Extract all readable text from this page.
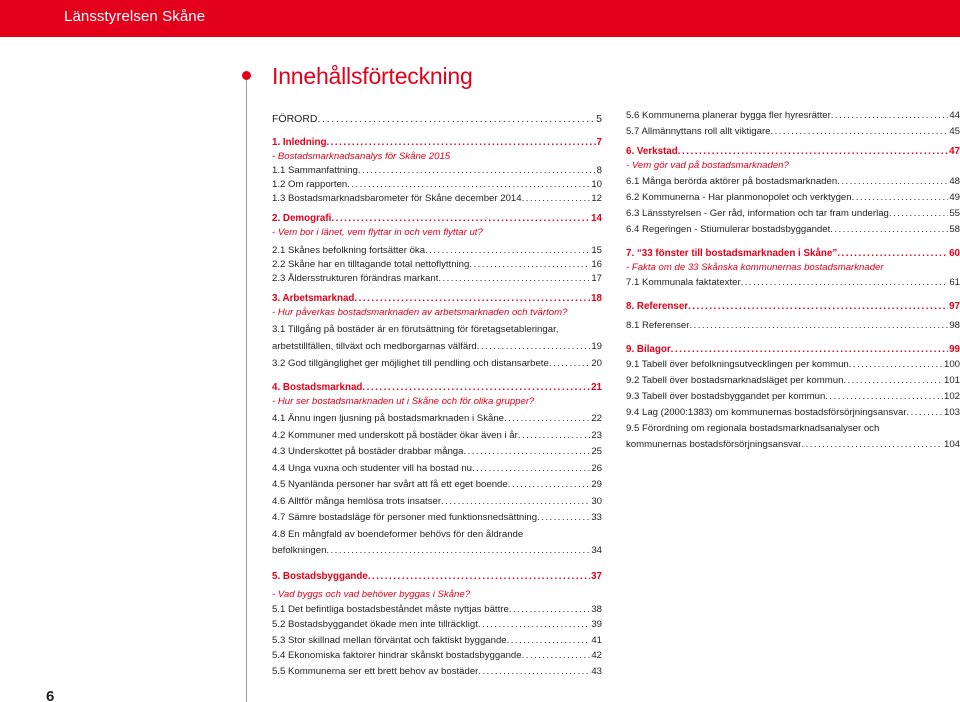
Länsstyrelsen Skåne
Innehållsförteckning
FÖRORD . . .	5
1. Inledning . . .	7
- Bostadsmarknadsanalys för Skåne 2015
1.1 Sammanfattning . . .	8
1.2 Om rapporten . . .	10
1.3 Bostadsmarknadsbarometer för Skåne december 2014 . . .	12
2. Demografi . . .	14
- Vem bor i länet, vem flyttar in och vem flyttar ut?
2.1 Skånes befolkning fortsätter öka . . .	15
2.2 Skåne har en tilltagande total nettoflyttning . . .	16
2.3 Åldersstrukturen förändras markant . . .	17
3. Arbetsmarknad . . .	18
- Hur påverkas bostadsmarknaden av arbetsmarknaden och tvärtom?
3.1 Tillgång på bostäder är en förutsättning för företagsetableringar,
arbetstillfällen, tillväxt och medborgarnas välfärd . . .	19
3.2 God tillgänglighet ger möjlighet till pendling och distansarbete . . .	20
4. Bostadsmarknad . . .	21
- Hur ser bostadsmarknaden ut i Skåne och för olika grupper?
4.1 Ännu ingen ljusning på bostadsmarknaden i Skåne . . .	22
4.2 Kommuner med underskott på bostäder ökar även i år . . .	23
4.3 Underskottet på bostäder drabbar många . . .	25
4.4 Unga vuxna och studenter vill ha bostad nu . . .	26
4.5 Nyanlända personer har svårt att få ett eget boende . . .	29
4.6 Alltför många hemlösa trots insatser . . .	30
4.7 Sämre bostadsläge för personer med funktionsnedsättning . . .	33
4.8 En mångfald av boendeformer behövs för den åldrande
befolkningen . . .	34
5. Bostadsbyggande . . .	37
- Vad byggs och vad behöver byggas i Skåne?
5.1 Det befintliga bostadsbeståndet måste nyttjas bättre . . .	38
5.2 Bostadsbyggandet ökade men inte tillräckligt . . .	39
5.3 Stor skillnad mellan förväntat och faktiskt byggande . . .	41
5.4 Ekonomiska faktorer hindrar skånskt bostadsbyggande . . .	42
5.5 Kommunerna ser ett brett behov av bostäder . . .	43
5.6 Kommunerna planerar bygga fler hyresrätter . . .	44
5.7 Allmännyttans roll allt viktigare . . .	45
6. Verkstad . . .	47
- Vem gör vad på bostadsmarknaden?
6.1 Många berörda aktörer på bostadsmarknaden . . .	48
6.2 Kommunerna - Har planmonopolet och verktygen . . .	49
6.3 Länsstyrelsen - Ger råd, information och tar fram underlag . . .	55
6.4 Regeringen - Stiumulerar bostadsbyggandet . . .	58
7. “33 fönster till bostadsmarknaden i Skåne” . . .	60
- Fakta om de 33 Skånska kommunernas bostadsmarknader
7.1 Kommunala faktatexter . . .	61
8. Referenser . . .	97
8.1 Referenser . . .	98
9. Bilagor . . .	99
9.1 Tabell över befolkningsutvecklingen per kommun . . .	100
9.2 Tabell över bostadsmarknadsläget per kommun . . .	101
9.3 Tabell över bostadsbyggandet per kommun . . .	102
9.4 Lag (2000:1383) om kommunernas bostadsförsörjningsansvar . . .	103
9.5 Förordning om regionala bostadsmarknadsanalyser och
kommunernas bostadsförsörjningsansvar . . .	104
6
